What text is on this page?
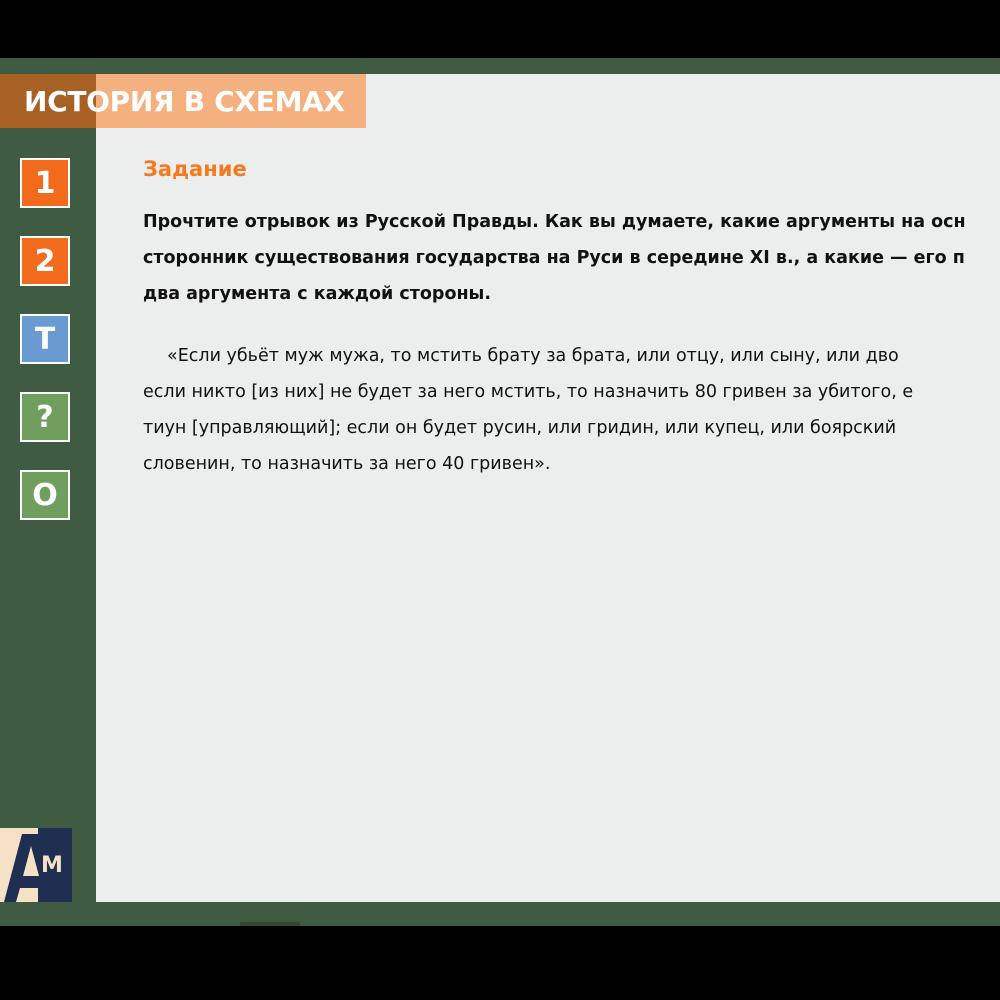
Задание
Прочтите отрывок из Русской Правды. Как вы думаете, какие аргументы на осн
сторонник существования государства на Руси в середине XI в., а какие — его п
два аргумента с каждой стороны.
«Если убьёт муж мужа, то мстить брату за брата, или отцу, или сыну, или дво
если никто [из них] не будет за него мстить, то назначить 80 гривен за убитого, е
тиун [управляющий]; если он будет русин, или гридин, или купец, или боярский
словенин, то назначить за него 40 гривен».
ИСТОРИЯ В СХЕМАХ
1
2
Т
?
О
M
